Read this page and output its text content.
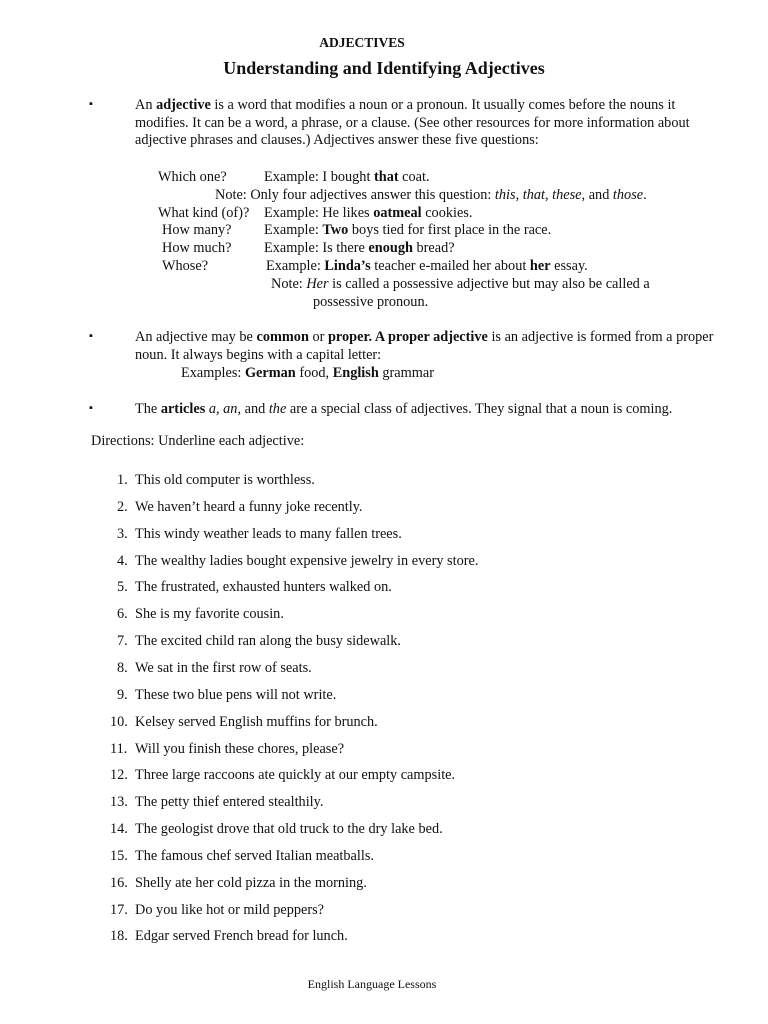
ADJECTIVES
Understanding and Identifying Adjectives
▪	An adjective is a word that modifies a noun or a pronoun. It usually comes before the nouns it modifies. It can be a word, a phrase, or a clause. (See other resources for more information about adjective phrases and clauses.) Adjectives answer these five questions:
Which one?	Example: I bought that coat.
Note: Only four adjectives answer this question: this, that, these, and those.
What kind (of)? Example: He likes oatmeal cookies.
How many? Example: Two boys tied for first place in the race.
How much? Example: Is there enough bread?
Whose?	Example: Linda’s teacher e-mailed her about her essay.
Note: Her is called a possessive adjective but may also be called a
possessive pronoun.
▪	An adjective may be common or proper. A proper adjective is an adjective is formed from a proper noun. It always begins with a capital letter:
Examples: German food, English grammar
▪	The articles a, an, and the are a special class of adjectives. They signal that a noun is coming.
Directions: Underline each adjective:
1. This old computer is worthless.
2. We haven’t heard a funny joke recently.
3. This windy weather leads to many fallen trees.
4. The wealthy ladies bought expensive jewelry in every store.
5. The frustrated, exhausted hunters walked on.
6. She is my favorite cousin.
7. The excited child ran along the busy sidewalk.
8. We sat in the first row of seats.
9. These two blue pens will not write.
10. Kelsey served English muffins for brunch.
11. Will you finish these chores, please?
12. Three large raccoons ate quickly at our empty campsite.
13. The petty thief entered stealthily.
14. The geologist drove that old truck to the dry lake bed.
15. The famous chef served Italian meatballs.
16. Shelly ate her cold pizza in the morning.
17. Do you like hot or mild peppers?
18. Edgar served French bread for lunch.
English Language Lessons
